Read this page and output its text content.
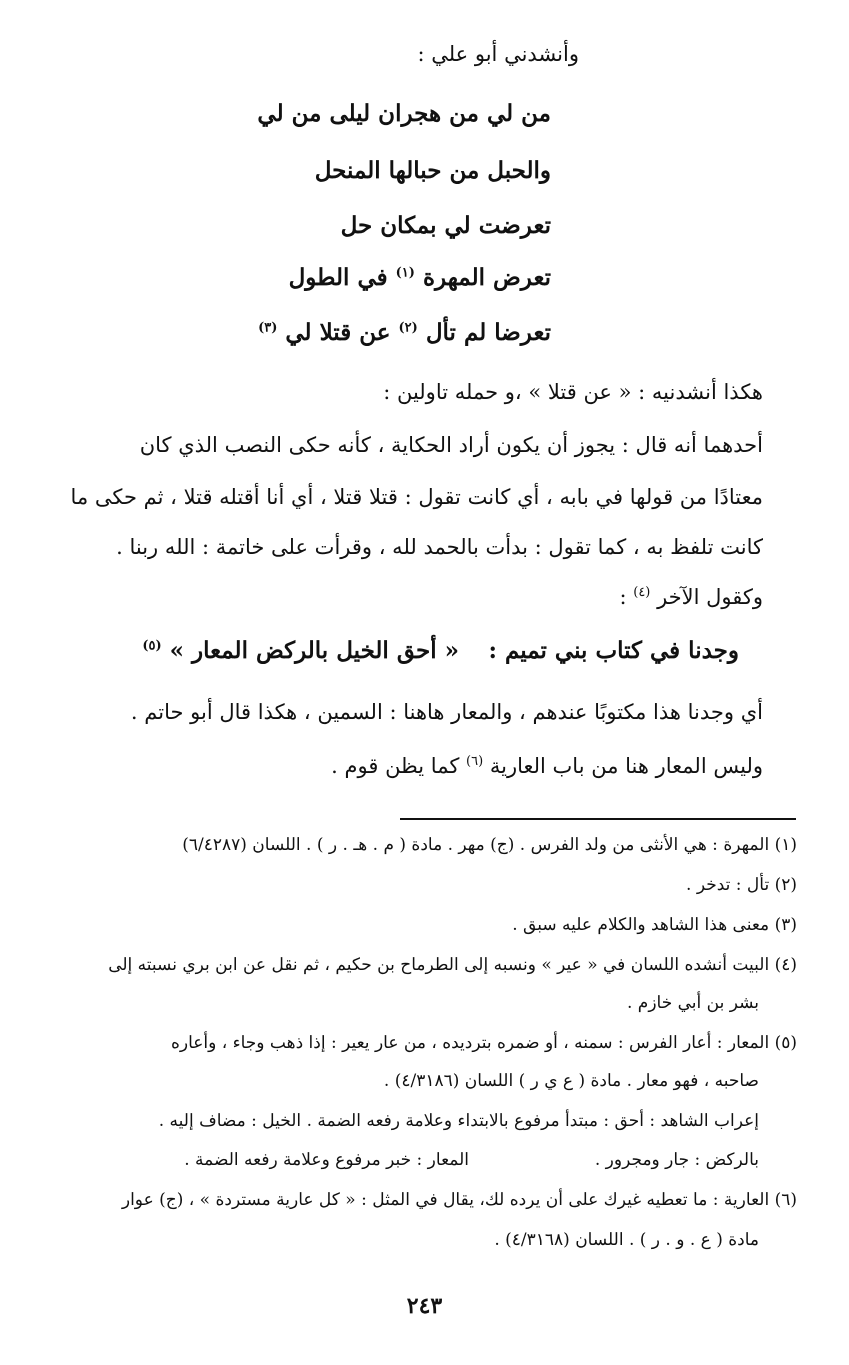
وأنشدني أبو علي :
من لي من هجران ليلى من لي
والحبل من حبالها المنحل
تعرضت لي بمكان حل
تعرض المهرة $^{(١)}$ في الطول
تعرضا لم تأل $^{(٢)}$ عن قتلا لي $^{(٣)}$
هكذا أنشدنيه : « عن قتلا » ،و حمله تاولين :
أحدهما أنه قال : يجوز أن يكون أراد الحكاية ، كأنه حكى النصب الذي كان
معتادًا من قولها في بابه ، أي كانت تقول : قتلا قتلا ، أي أنا أقتله قتلا ، ثم حكى ما
كانت تلفظ به ، كما تقول : بدأت بالحمد لله ، وقرأت على خاتمة : الله ربنا .
وكقول الآخر $^{(٤)}$ :
وجدنا في كتاب بني تميم :
« أحق الخيل بالركض المعار » $^{(٥)}$
أي وجدنا هذا مكتوبًا عندهم ، والمعار هاهنا : السمين ، هكذا قال أبو حاتم .
وليس المعار هنا من باب العارية $^{(٦)}$ كما يظن قوم .
(١) المهرة : هي الأنثى من ولد الفرس . (ج) مهر . مادة ( م . هـ . ر ) . اللسان (٦/٤٢٨٧)
(٢) تأل : تدخر .
(٣) معنى هذا الشاهد والكلام عليه سبق .
(٤) البيت أنشده اللسان في « عير » ونسبه إلى الطرماح بن حكيم ، ثم نقل عن ابن بري نسبته إلى
بشر بن أبي خازم .
(٥) المعار : أعار الفرس : سمنه ، أو ضمره بترديده ، من عار يعير : إذا ذهب وجاء ، وأعاره
صاحبه ، فهو معار . مادة ( ع ي ر ) اللسان (٤/٣١٨٦) .
إعراب الشاهد : أحق : مبتدأ مرفوع بالابتداء وعلامة رفعه الضمة . الخيل : مضاف إليه .
بالركض : جار ومجرور .
المعار : خبر مرفوع وعلامة رفعه الضمة .
(٦) العارية : ما تعطيه غيرك على أن يرده لك، يقال في المثل : « كل عارية مستردة » ، (ج) عوار
مادة ( ع . و . ر ) . اللسان (٤/٣١٦٨) .
٢٤٣
